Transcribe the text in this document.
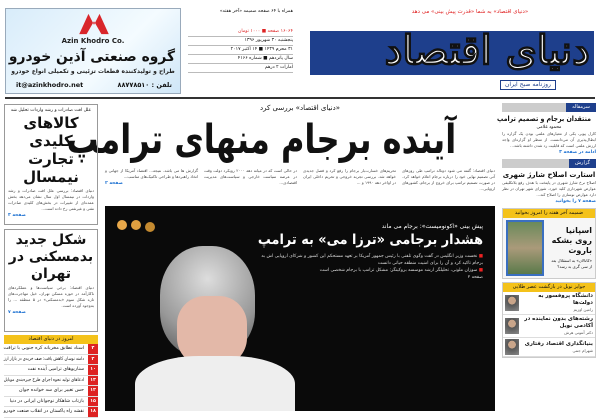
Azin Khodro Co.
گروه صنعتی آذین خودرو
طراح و تولیدکننده قطعات تزئینی و تکمیلی انواع خودرو
it@azinkhodro.net	تلفن : ۸۸۷۷۸۵۱۰
همراه با ۶۴ صفحه ضمیمه «آخر هفته»
۱۶۰۶۴ صفحه ■ ۱۰۰۰ تومان
پنجشنبه ۳۰ شهریور ۱۳۹۶
۳۱ محرم ۱۴۳۹ ■ ۱۴ اکتبر ۲۰۱۷
سال پانزدهم ■ شماره ۴۱۶۶
امارات ۲ درهم
«دنیای اقتصاد» به شما «قدرت پیش بینی» می دهد
دنیای اقتصاد
روزنامه صبح ایران
«دنیای اقتصاد» بررسی کرد
آینده برجام منهای ترامپ

دنیای اقتصاد: گفته می شود دونالد ترامپ طی روزهای آتی تصمیم نهایی خود را درباره برجام اعلام خواهد کرد. در صورت تصمیم ترامپ برای خروج از برجام، کشورهای اروپایی...

تحریم‌های خسارت‌بار برجام را رفع کرد و فصل جدیدی خواهد شد. بررسی تجربه خروجی و تحریم داخلی ایران در اواخر دهه ۱۹۹۰ و ...

در حالی است که در میانه دهه ۲۰۰۰ رویکرد دولت وقت در عرصه سیاست خارجی و سیاست‌های مدیریت اقتصادی...

گزارش ها می باشد. نتیجه... اقتصاد آمریکا از جهانی و اتخاذ راهبردها و طراحی تاکتیک‌های مناسب...

صفحه ۲
پیش بینی «اکونومیست»: برجام می ماند
هشدار برجامی «ترزا می» به ترامپ

■ نخست وزیر انگلیس در گفت وگوی تلفنی با رئیس جمهور آمریکا بر تعهد مستحکم این کشور و شرکای اروپایی اش به برجام تاکید کرد و آن را برای امنیت منطقه حیاتی دانست

■ سوزان ملونی، تحلیلگر ارشد موسسه بروکینگز: مشکل ترامپ با برجام شخصی است

صفحه ۲

علل افت صادرات و رشد واردات تحلیل شد
کالاهای کلیدی تجارت نیمسال

دنیای اقتصاد: بررسی علل افت صادرات و رشد واردات در نیمسال اول سال نشان می‌دهد بخش عمده‌ای از تغییرات در بخش‌های کلیدی صادرات نفتی و غیرنفتی رخ داده است...

صفحه ۳
شکل جدید بدمسکنی در تهران

دنیای اقتصاد: برخی سیاست‌ها و عملکردهای ناکارآمد در حوزه مسکن تهران، خیل مهاجرت‌های تازه شکل سوم «بدمسکنی» در ۵ منطقه ... را به‌وجود آورده است.

صفحه ۷
امروز در دنیای اقتصاد
۴
اسناد تطابق مخربانه کره جنوبی با ترافت
۴
دامنه نوسان کاهش یافت: صف خریدی در بازار ارز
۱۰
سناریوهای ترامپی آینده نفت
۱۳
ادعاهای تولید نحوه اجرای طرح جیره‌بندی موبایل
۱۴
حس تغییر برای سه خوانده جوان
۱۵
بازتاب شاهکار نوجوانان ایرانی در دنیا
۱۸
نقشه راه پاکستان در انقلاب صنعت خودرو
سرمقاله
منتقدان برجام و تصمیم ترامپ
محمود غلامی

کارل پوپر، یکی از معیارهای علمی بودن یک گزاره را ابطال‌پذیری آن می‌دانست. از منظر او گزاره‌ای واجد ارزش علمی است که قابلیت رد شدن داشته باشد...

ادامه در صفحه ۳
گزارش
استارت اصلاح شارژ شهری

اصلاح نرخ شارژ شهری در پایتخت با هدف رفع بلاتکلیفی عوارض شهرداری کلید خورد. شورای شهر تهران در نظر دارد عوارض نوسازی را اصلاح کند...

صفحه ۷ را بخوانید
ضمیمه آخر هفته را امروز بخوانید
اسپانیا روی بشکه باروت
«کاتالان» به استقلال بعد از سی گری بد رسد؟
جوایز نوبل در بازگشت عصر طلایی
دانشگاه پروفسور به دولت‌ها
رامین اوزیم
رشته‌های بدون نماینده در آکادمی نوبل
دکتر آنتونی هرش
بنیانگذاری اقتصاد رفتاری
شهرام جنتی
